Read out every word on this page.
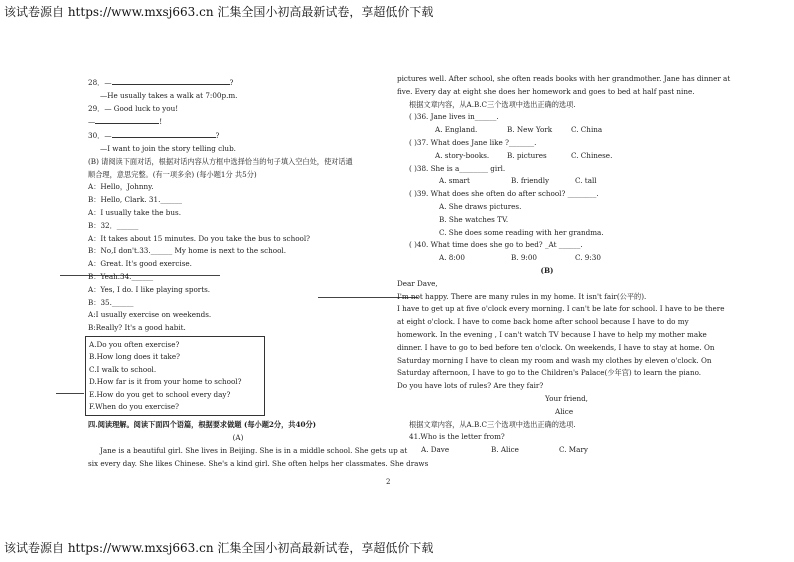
该试卷源自 https://www.mxsj663.cn 汇集全国小初高最新试卷，享超低价下载
28．—	?
—He usually takes a walk at 7:00p.m.
29．— Good luck to you!
—	!
30．—	?
—I want to join the story telling club.
(B) 请阅读下面对话，根据对话内容从方框中选择恰当的句子填入空白处，使对话通
顺合理，意思完整。(有一项多余) (每小题1分 共5分)
A：Hello，Johnny.
B：Hello, Clark. 31.______
A：I usually take the bus.
B：32．______
A：It takes about 15 minutes. Do you take the bus to school?
B：No,I don't.33.______ My home is next to the school.
A：Great. It's good exercise.
B：Yeah.34.______
A：Yes, I do. I like playing sports.
B：35.______
A:I usually exercise on weekends.
B:Really? It's a good habit.
A.Do you often exercise?
B.How long does it take?
C.I walk to school.
D.How far is it from your home to school?
E.How do you get to school every day?
F.When do you exercise?
四.阅读理解。阅读下面四个语篇，根据要求做题 (每小题2分，共40分)
(A)
Jane is a beautiful girl. She lives in Beijing. She is in a middle school. She gets up at
six every day. She likes Chinese. She's a kind girl. She often helps her classmates. She draws
pictures well. After school, she often reads books with her grandmother. Jane has dinner at
five. Every day at eight she does her homework and goes to bed at half past nine.
根据文章内容，从A.B.C三个选项中选出正确的选项.
( )36. Jane lives in______.
A. England.	B. New York	C. China
( )37. What does Jane like ?_______.
A. story-books. B. pictures	C. Chinese.
( )38. She is a________ girl.
A. smart	B. friendly	C. tall
( )39. What does she often do after school? ________.
A. She draws pictures.
B. She watches TV.
C. She does some reading with her grandma.
( )40. What time does she go to bed? _At ______.
A. 8:00	B. 9:00	C. 9:30
(B)
Dear Dave,
I'm not happy. There are many rules in my home. It isn't fair(公平的).
I have to get up at five o'clock every morning. I can't be late for school. I have to be there
at eight o'clock. I have to come back home after school because I have to do my
homework. In the evening , I can't watch TV because I have to help my mother make
dinner. I have to go to bed before ten o'clock. On weekends, I have to stay at home. On
Saturday morning I have to clean my room and wash my clothes by eleven o'clock. On
Saturday afternoon, I have to go to the Children's Palace(少年宫) to learn the piano.
Do you have lots of rules? Are they fair?
Your friend,
Alice
根据文章内容，从A.B.C三个选项中选出正确的选项.
41.Who is the letter from?
A. Dave	B. Alice	C. Mary
2
该试卷源自 https://www.mxsj663.cn 汇集全国小初高最新试卷，享超低价下载
